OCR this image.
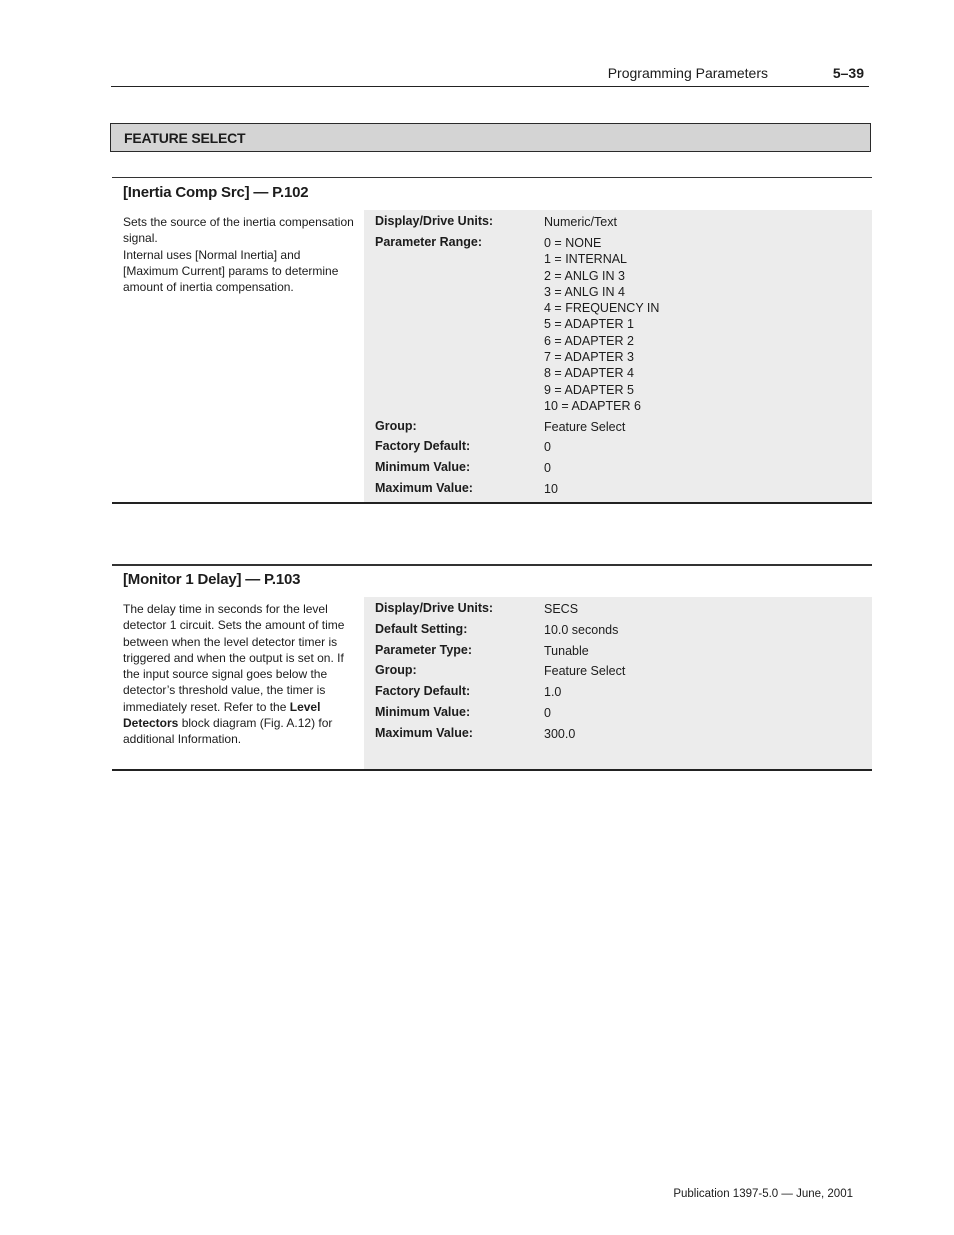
Programming Parameters	5–39
FEATURE SELECT
[Inertia Comp Src] — P.102
Sets the source of the inertia compensation signal.
Internal uses [Normal Inertia] and [Maximum Current] params to determine amount of inertia compensation.
Display/Drive Units:	Numeric/Text
Parameter Range:	0 = NONE
1 = INTERNAL
2 = ANLG IN 3
3 = ANLG IN 4
4 = FREQUENCY IN
5 = ADAPTER 1
6 = ADAPTER 2
7 = ADAPTER 3
8 = ADAPTER 4
9 = ADAPTER 5
10 = ADAPTER 6
Group:	Feature Select
Factory Default:	0
Minimum Value:	0
Maximum Value:	10
[Monitor 1 Delay] — P.103
The delay time in seconds for the level detector 1 circuit. Sets the amount of time between when the level detector timer is triggered and when the output is set on. If the input source signal goes below the detector’s threshold value, the timer is immediately reset. Refer to the Level Detectors block diagram (Fig. A.12) for additional Information.
Display/Drive Units:	SECS
Default Setting:	10.0 seconds
Parameter Type:	Tunable
Group:	Feature Select
Factory Default:	1.0
Minimum Value:	0
Maximum Value:	300.0
Publication 1397-5.0 — June, 2001
